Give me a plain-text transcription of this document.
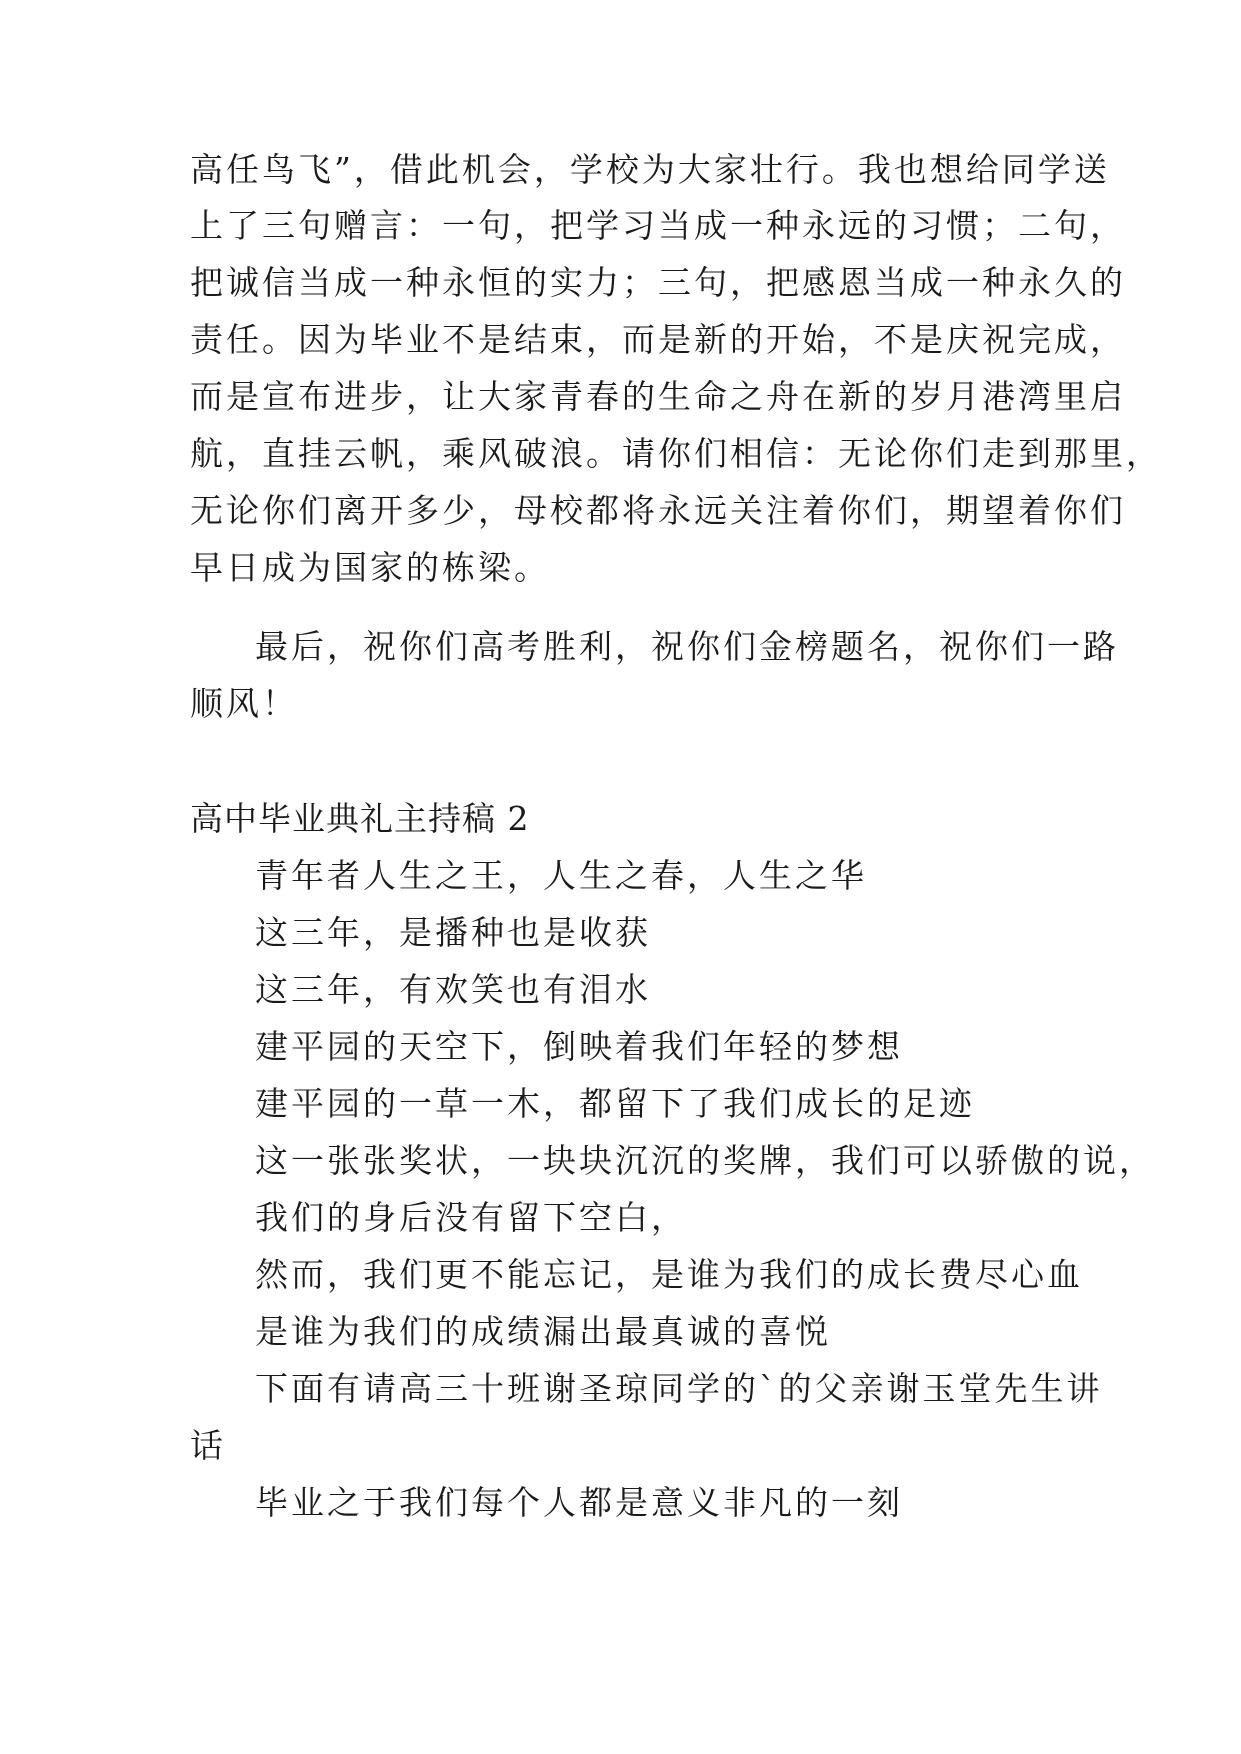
高任鸟飞”，借此机会，学校为大家壮行。我也想给同学送
上了三句赠言：一句，把学习当成一种永远的习惯；二句，
把诚信当成一种永恒的实力；三句，把感恩当成一种永久的
责任。因为毕业不是结束，而是新的开始，不是庆祝完成，
而是宣布进步，让大家青春的生命之舟在新的岁月港湾里启
航，直挂云帆，乘风破浪。请你们相信：无论你们走到那里，
无论你们离开多少，母校都将永远关注着你们，期望着你们
早日成为国家的栋梁。
最后，祝你们高考胜利，祝你们金榜题名，祝你们一路
顺风！
高中毕业典礼主持稿 2
青年者人生之王，人生之春，人生之华
这三年，是播种也是收获
这三年，有欢笑也有泪水
建平园的天空下，倒映着我们年轻的梦想
建平园的一草一木，都留下了我们成长的足迹
这一张张奖状，一块块沉沉的奖牌，我们可以骄傲的说，
我们的身后没有留下空白，
然而，我们更不能忘记，是谁为我们的成长费尽心血
是谁为我们的成绩漏出最真诚的喜悦
下面有请高三十班谢圣琼同学的`的父亲谢玉堂先生讲
话
毕业之于我们每个人都是意义非凡的一刻
